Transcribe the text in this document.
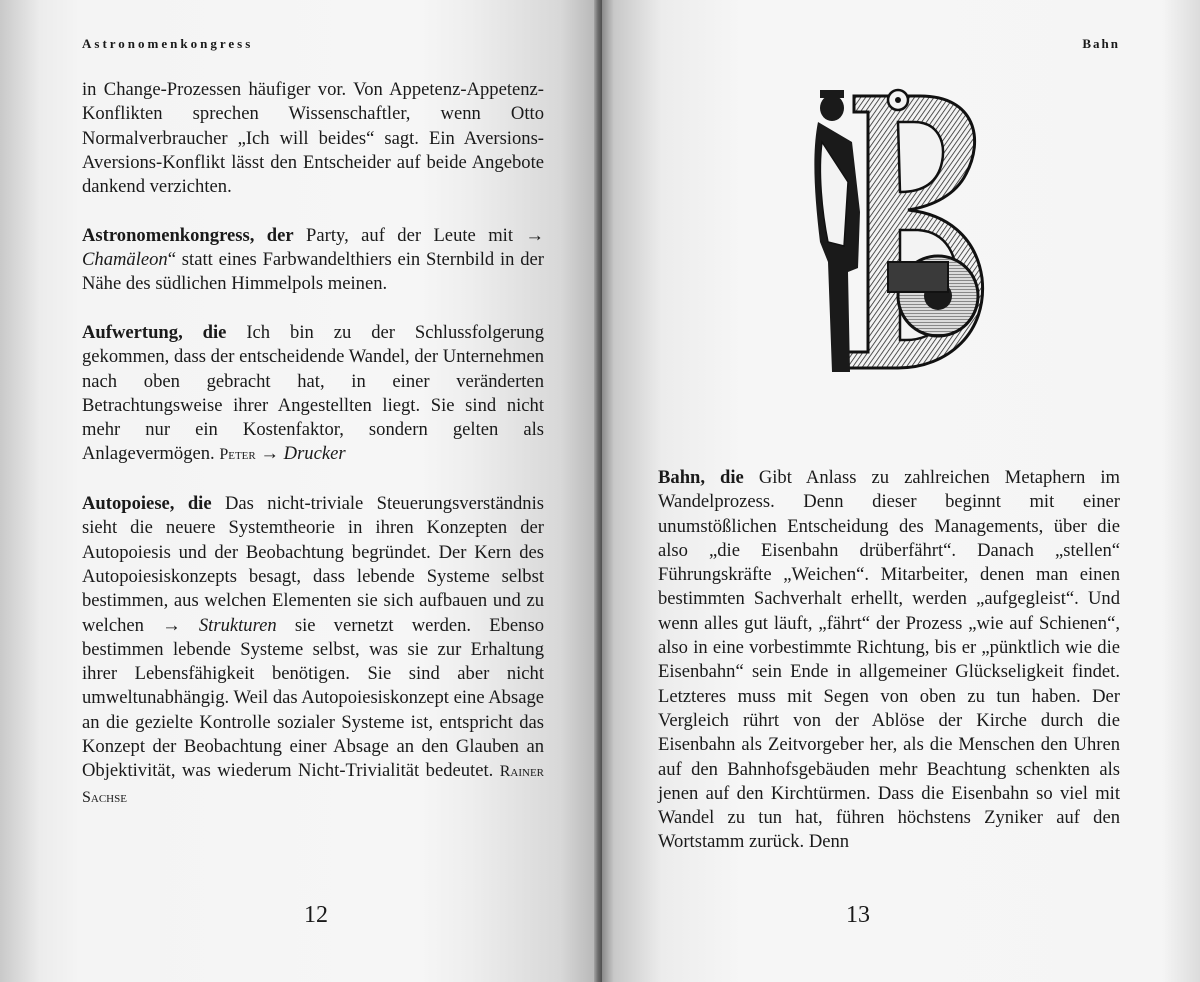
Astronomenkongress

in Change-Prozessen häufiger vor. Von Appetenz-Appetenz-Konflikten sprechen Wissenschaftler, wenn Otto Normalverbraucher „Ich will beides“ sagt. Ein Aversions-Aversions-Konflikt lässt den Entscheider auf beide Angebote dankend verzichten.

Astronomenkongress, der Party, auf der Leute mit → Chamäleon“ statt eines Farbwandelthiers ein Sternbild in der Nähe des südlichen Himmelpols meinen.

Aufwertung, die Ich bin zu der Schlussfolgerung gekommen, dass der entscheidende Wandel, der Unternehmen nach oben gebracht hat, in einer veränderten Betrachtungsweise ihrer Angestellten liegt. Sie sind nicht mehr nur ein Kostenfaktor, sondern gelten als Anlagevermögen. Peter → Drucker

Autopoiese, die Das nicht-triviale Steuerungsverständnis sieht die neuere Systemtheorie in ihren Konzepten der Autopoiesis und der Beobachtung begründet. Der Kern des Autopoiesiskonzepts besagt, dass lebende Systeme selbst bestimmen, aus welchen Elementen sie sich aufbauen und zu welchen → Strukturen sie vernetzt werden. Ebenso bestimmen lebende Systeme selbst, was sie zur Erhaltung ihrer Lebensfähigkeit benötigen. Sie sind aber nicht umweltunabhängig. Weil das Autopoiesiskonzept eine Absage an die gezielte Kontrolle sozialer Systeme ist, entspricht das Konzept der Beobachtung einer Absage an den Glauben an Objektivität, was wiederum Nicht-Trivialität bedeutet. Rainer Sachse

12
Bahn

Bahn, die Gibt Anlass zu zahlreichen Metaphern im Wandelprozess. Denn dieser beginnt mit einer unumstößlichen Entscheidung des Managements, über die also „die Eisenbahn drüberfährt“. Danach „stellen“ Führungskräfte „Weichen“. Mitarbeiter, denen man einen bestimmten Sachverhalt erhellt, werden „aufgegleist“. Und wenn alles gut läuft, „fährt“ der Prozess „wie auf Schienen“, also in eine vorbestimmte Richtung, bis er „pünktlich wie die Eisenbahn“ sein Ende in allgemeiner Glückseligkeit findet. Letzteres muss mit Segen von oben zu tun haben. Der Vergleich rührt von der Ablöse der Kirche durch die Eisenbahn als Zeitvorgeber her, als die Menschen den Uhren auf den Bahnhofsgebäuden mehr Beachtung schenkten als jenen auf den Kirchtürmen. Dass die Eisenbahn so viel mit Wandel zu tun hat, führen höchstens Zyniker auf den Wortstamm zurück. Denn

13
